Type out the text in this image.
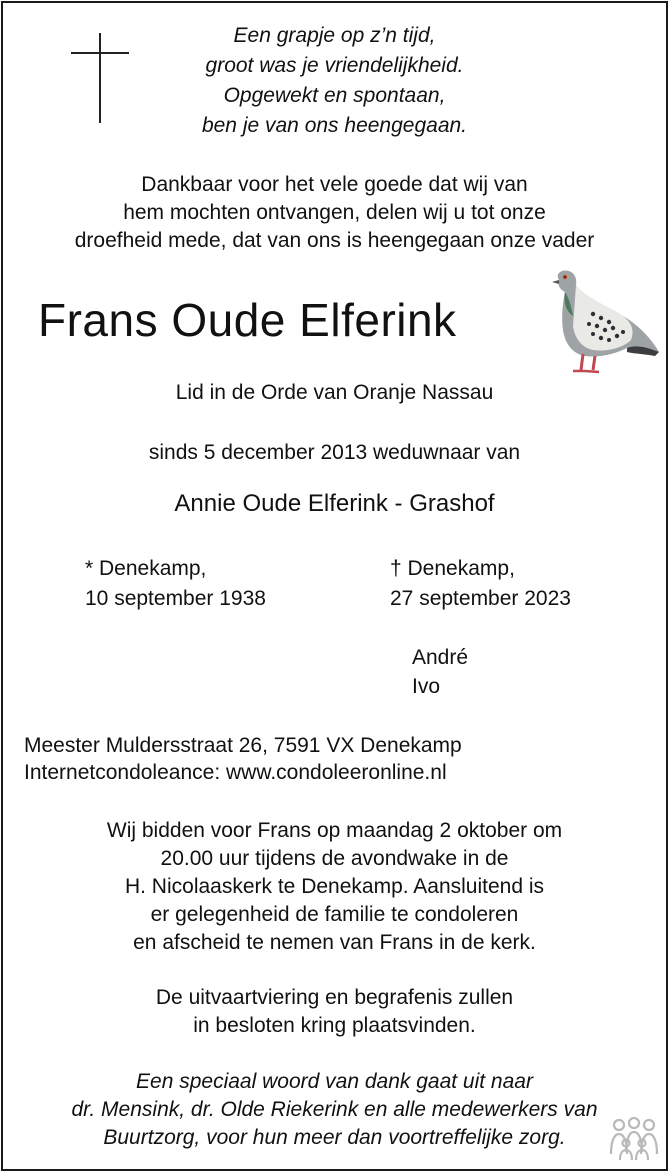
Een grapje op z’n tijd,
groot was je vriendelijkheid.
Opgewekt en spontaan,
ben je van ons heengegaan.
Dankbaar voor het vele goede dat wij van
hem mochten ontvangen, delen wij u tot onze
droefheid mede, dat van ons is heengegaan onze vader
Frans Oude Elferink
Lid in de Orde van Oranje Nassau
sinds 5 december 2013 weduwnaar van
Annie Oude Elferink - Grashof
* Denekamp,
10 september 1938
† Denekamp,
27 september 2023
André
Ivo
Meester Muldersstraat 26, 7591 VX Denekamp
Internetcondoleance: www.condoleeronline.nl
Wij bidden voor Frans op maandag 2 oktober om
20.00 uur tijdens de avondwake in de
H. Nicolaaskerk te Denekamp. Aansluitend is
er gelegenheid de familie te condoleren
en afscheid te nemen van Frans in de kerk.
De uitvaartviering en begrafenis zullen
in besloten kring plaatsvinden.
Een speciaal woord van dank gaat uit naar
dr. Mensink, dr. Olde Riekerink en alle medewerkers van
Buurtzorg, voor hun meer dan voortreffelijke zorg.
